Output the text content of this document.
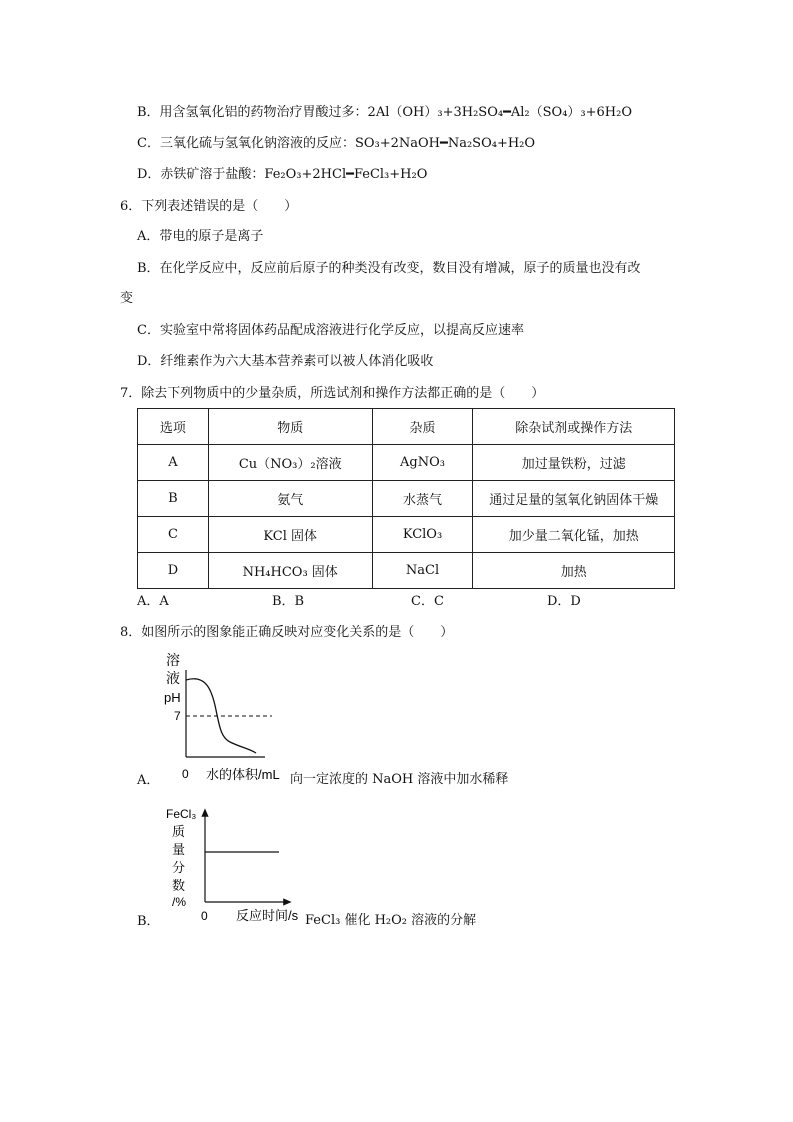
B．用含氢氧化铝的药物治疗胃酸过多：2Al（OH）₃+3H₂SO₄━Al₂（SO₄）₃+6H₂O
C．三氧化硫与氢氧化钠溶液的反应：SO₃+2NaOH━Na₂SO₄+H₂O
D．赤铁矿溶于盐酸：Fe₂O₃+2HCl━FeCl₃+H₂O
6．下列表述错误的是（　　）
A．带电的原子是离子
B．在化学反应中，反应前后原子的种类没有改变，数目没有增减，原子的质量也没有改
变
C．实验室中常将固体药品配成溶液进行化学反应，以提高反应速率
D．纤维素作为六大基本营养素可以被人体消化吸收
7．除去下列物质中的少量杂质，所选试剂和操作方法都正确的是（　　）
选项	物质	杂质	除杂试剂或操作方法
A	Cu（NO₃）₂溶液	AgNO₃	加过量铁粉，过滤
B	氨气	水蒸气	通过足量的氢氧化钠固体干燥
C	KCl 固体	KClO₃	加少量二氧化锰，加热
D	NH₄HCO₃ 固体	NaCl	加热
A．A	B．B	C．C	D．D
8．如图所示的图象能正确反映对应变化关系的是（　　）
溶
液
pH
7
0 水的体积/mL
A．	向一定浓度的 NaOH 溶液中加水稀释
FeCl₃
质
量
分
数
/%
0 反应时间/s
B．	FeCl₃ 催化 H₂O₂ 溶液的分解
